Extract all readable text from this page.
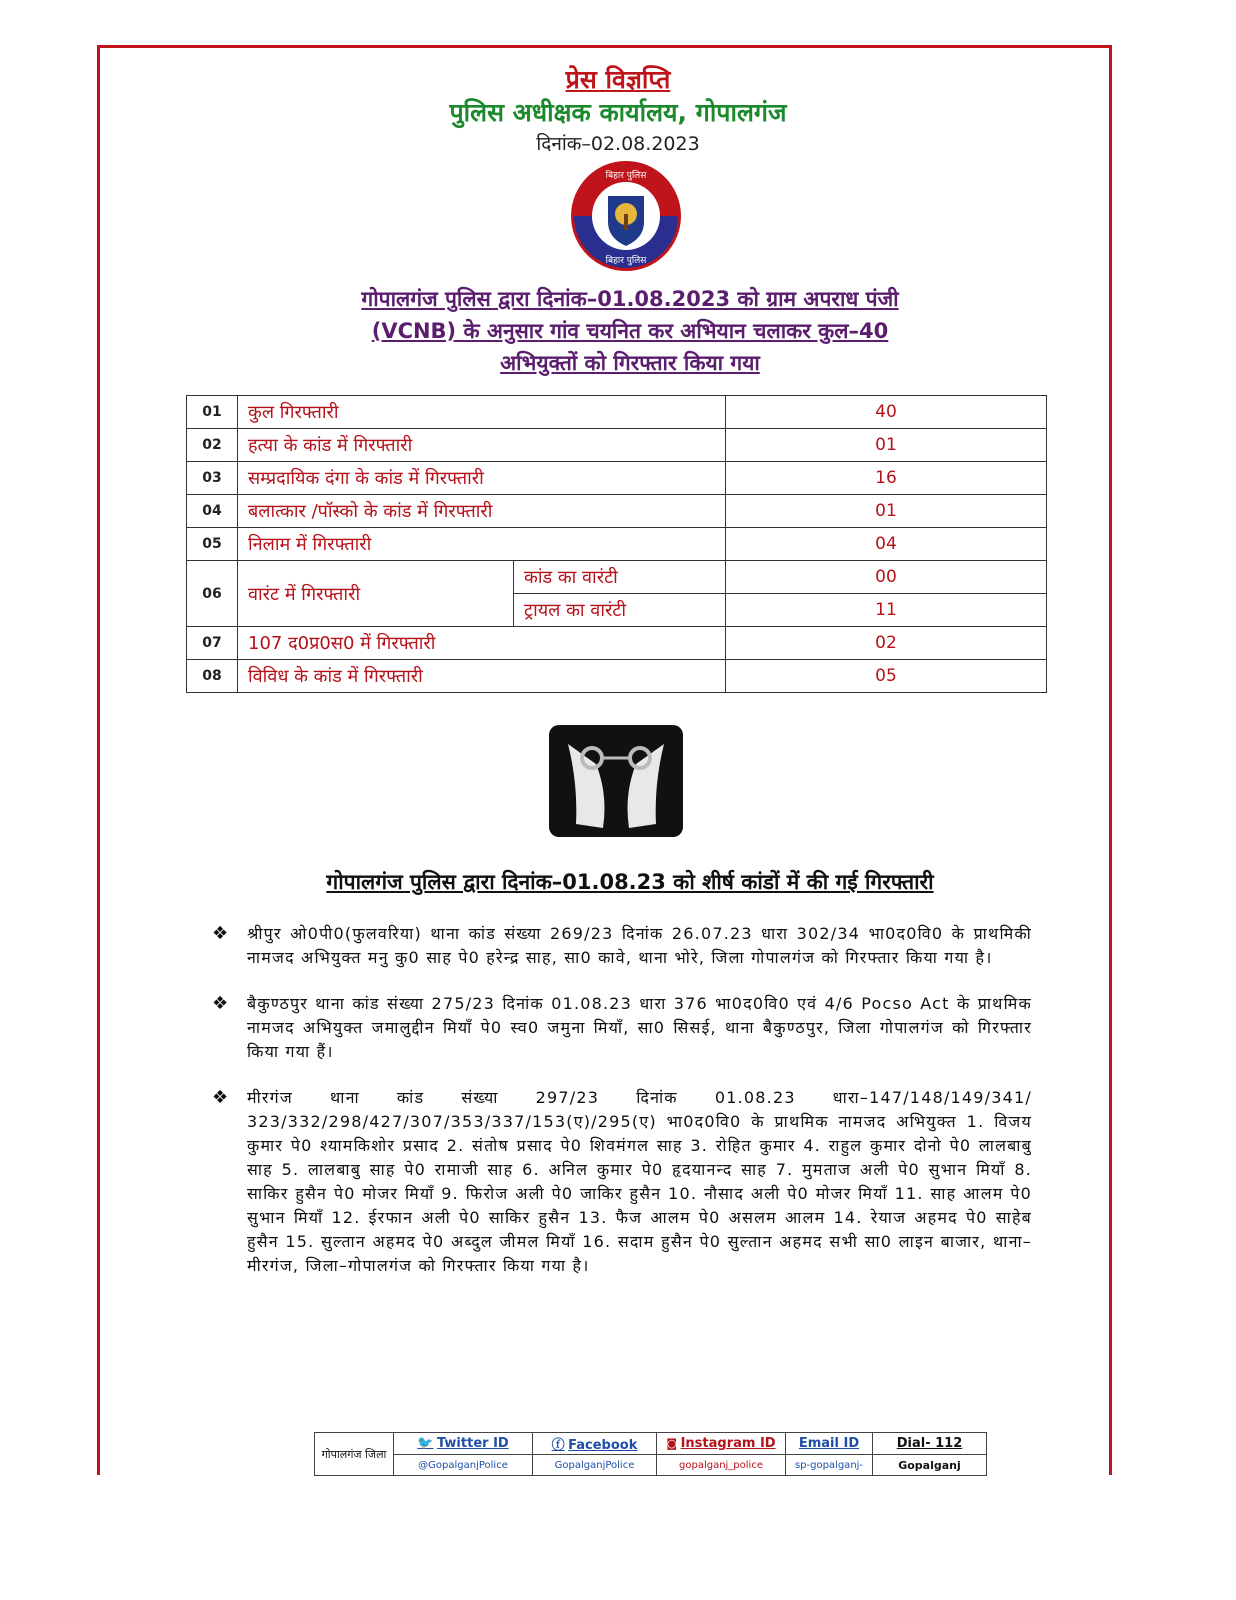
प्रेस विज्ञप्ति
पुलिस अधीक्षक कार्यालय, गोपालगंज
दिनांक–02.08.2023
बिहार पुलिस
बिहार पुलिस
गोपालगंज पुलिस द्वारा दिनांक–01.08.2023 को ग्राम अपराध पंजी
(VCNB) के अनुसार गांव चयनित कर अभियान चलाकर कुल–40
अभियुक्तों को गिरफ्तार किया गया
01	कुल गिरफ्तारी		40
02	हत्या के कांड में गिरफ्तारी		01
03	सम्प्रदायिक दंगा के कांड में गिरफ्तारी		16
04	बलात्कार /पॉस्को के कांड में गिरफ्तारी		01
05	निलाम में गिरफ्तारी		04
06	वारंट में गिरफ्तारी	कांड का वारंटी	00
		ट्रायल का वारंटी	11
07	107 द0प्र0स0 में गिरफ्तारी		02
08	विविध के कांड में गिरफ्तारी		05
गोपालगंज पुलिस द्वारा दिनांक–01.08.23 को शीर्ष कांडों में की गई गिरफ्तारी
❖ श्रीपुर ओ0पी0(फुलवरिया) थाना कांड संख्या 269/23 दिनांक 26.07.23 धारा 302/34 भा0द0वि0 के प्राथमिकी नामजद अभियुक्त मनु कु0 साह पे0 हरेन्द्र साह, सा0 कावे, थाना भोरे, जिला गोपालगंज को गिरफ्तार किया गया है।
❖ बैकुण्ठपुर थाना कांड संख्या 275/23 दिनांक 01.08.23 धारा 376 भा0द0वि0 एवं 4/6 Pocso Act के प्राथमिक नामजद अभियुक्त जमालुद्दीन मियाँ पे0 स्व0 जमुना मियाँ, सा0 सिसई, थाना बैकुण्ठपुर, जिला गोपालगंज को गिरफ्तार किया गया हैं।
❖ मीरगंज थाना कांड संख्या 297/23 दिनांक 01.08.23 धारा–147/148/149/341/ 323/332/298/427/307/353/337/153(ए)/295(ए) भा0द0वि0 के प्राथमिक नामजद अभियुक्त 1. विजय कुमार पे0 श्यामकिशोर प्रसाद 2. संतोष प्रसाद पे0 शिवमंगल साह 3. रोहित कुमार 4. राहुल कुमार दोनो पे0 लालबाबु साह 5. लालबाबु साह पे0 रामाजी साह 6. अनिल कुमार पे0 हृदयानन्द साह 7. मुमताज अली पे0 सुभान मियाँ 8. साकिर हुसैन पे0 मोजर मियाँ 9. फिरोज अली पे0 जाकिर हुसैन 10. नौसाद अली पे0 मोजर मियाँ 11. साह आलम पे0 सुभान मियाँ 12. ईरफान अली पे0 साकिर हुसैन 13. फैज आलम पे0 असलम आलम 14. रेयाज अहमद पे0 साहेब हुसैन 15. सुल्तान अहमद पे0 अब्दुल जीमल मियाँ 16. सदाम हुसैन पे0 सुल्तान अहमद सभी सा0 लाइन बाजार, थाना–मीरगंज, जिला–गोपालगंज को गिरफ्तार किया गया है।
गोपालगंज जिला	🐦 Twitter ID	ⓕ Facebook	◙ Instagram ID	Email ID	Dial- 112
	@GopalganjPolice	GopalganjPolice	gopalganj_police	sp-gopalganj-	Gopalganj
